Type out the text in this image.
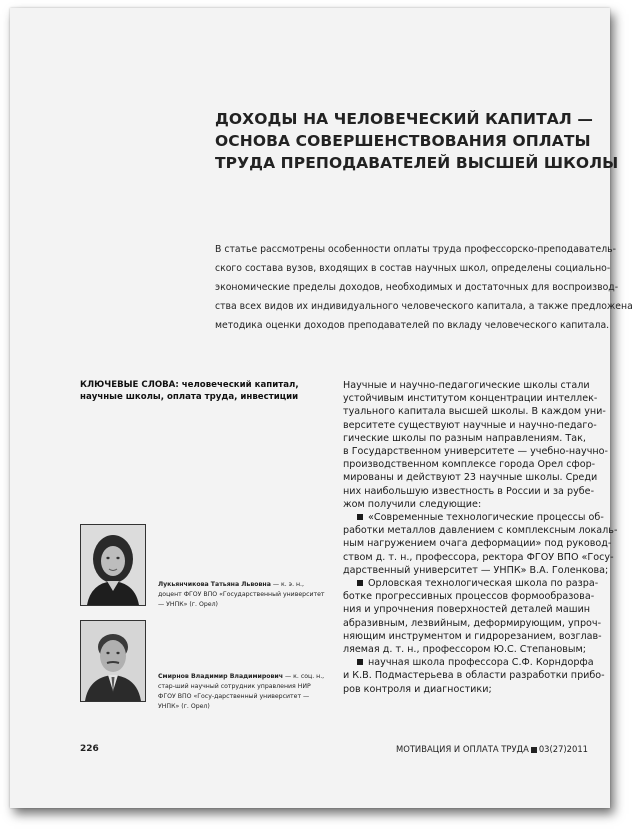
ДОХОДЫ НА ЧЕЛОВЕЧЕСКИЙ КАПИТАЛ —
ОСНОВА СОВЕРШЕНСТВОВАНИЯ ОПЛАТЫ
ТРУДА ПРЕПОДАВАТЕЛЕЙ ВЫСШЕЙ ШКОЛЫ
В статье рассмотрены особенности оплаты труда профессорско-преподаватель-
ского состава вузов, входящих в состав научных школ, определены социально-
экономические пределы доходов, необходимых и достаточных для воспроизвод-
ства всех видов их индивидуального человеческого капитала, а также предложена
методика оценки доходов преподавателей по вкладу человеческого капитала.
КЛЮЧЕВЫЕ СЛОВА: человеческий капитал, научные школы, оплата труда, инвестиции
Научные и научно-педагогические школы стали
устойчивым институтом концентрации интеллек-
туального капитала высшей школы. В каждом уни-
верситете существуют научные и научно-педаго-
гические школы по разным направлениям. Так,
в Государственном университете — учебно-научно-
производственном комплексе города Орел сфор-
мированы и действуют 23 научные школы. Среди
них наибольшую известность в России и за рубе-
жом получили следующие:
«Современные технологические процессы об-
работки металлов давлением с комплексным локаль-
ным нагружением очага деформации» под руковод-
ством д. т. н., профессора, ректора ФГОУ ВПО «Госу-
дарственный университет — УНПК» В.А. Голенкова;
Орловская технологическая школа по разра-
ботке прогрессивных процессов формообразова-
ния и упрочнения поверхностей деталей машин
абразивным, лезвийным, деформирующим, упроч-
няющим инструментом и гидрорезанием, возглав-
ляемая д. т. н., профессором Ю.С. Степановым;
научная школа профессора С.Ф. Корндорфа
и К.В. Подмастерьева в области разработки прибо-
ров контроля и диагностики;
Лукьянчикова Татьяна Львовна — к. э. н., доцент ФГОУ ВПО «Государственный университет — УНПК» (г. Орел)
Смирнов Владимир Владимирович — к. соц. н., стар-ший научный сотрудник управления НИР ФГОУ ВПО «Госу-дарственный университет — УНПК» (г. Орел)
226	МОТИВАЦИЯ И ОПЛАТА ТРУДА 03(27)2011
